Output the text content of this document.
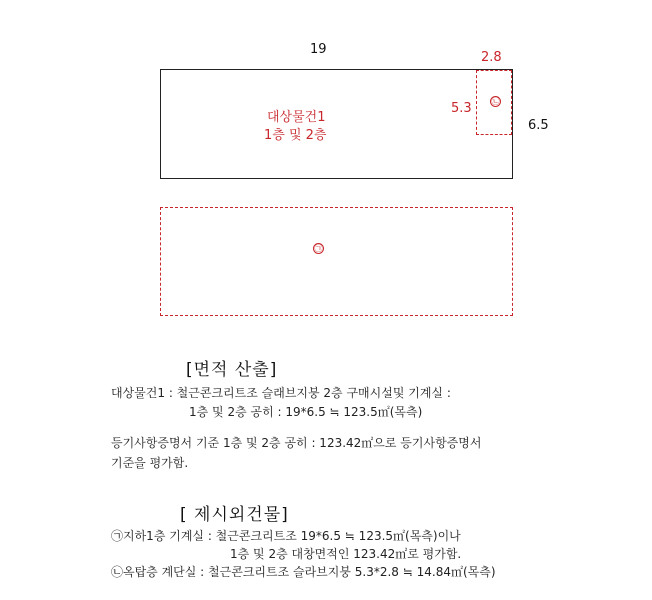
19
2.8
5.3
6.5
㉡
대상물건1
1층 및 2층
㉠
[면적 산출]
대상물건1 : 철근콘크리트조 슬래브지붕 2층 구매시설및 기계실 :
1층 및 2층 공히 : 19*6.5 ≒ 123.5㎡(목측)
등기사항증명서 기준 1층 및 2층 공히 : 123.42㎡으로 등기사항증명서
기준을 평가함.
[ 제시외건물]
㉠지하1층 기계실 : 철근콘크리트조 19*6.5 ≒ 123.5㎡(목측)이나
1층 및 2층 대창면적인 123.42㎡로 평가함.
㉡옥탑층 계단실 : 철근콘크리트조 슬라브지붕 5.3*2.8 ≒ 14.84㎡(목측)
